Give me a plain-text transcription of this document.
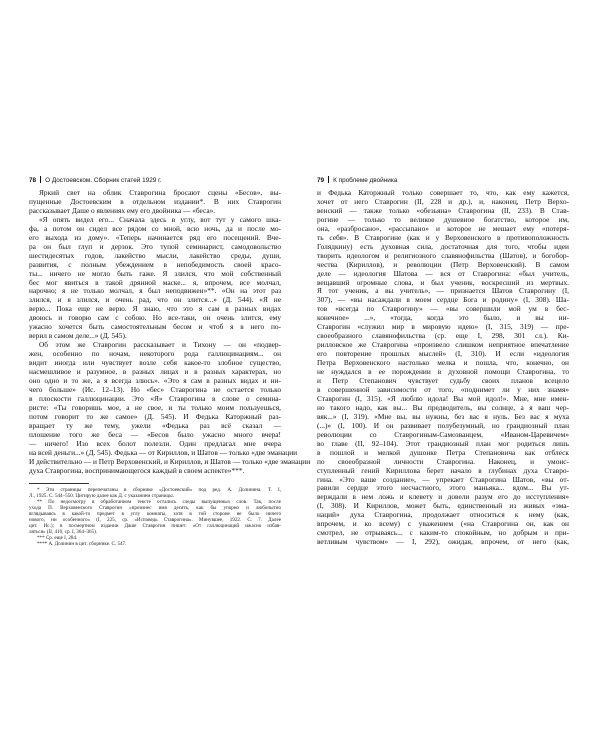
78 О Достоевском. Сборник статей 1929 г.
Яркий свет на облик Ставрогина бросают сцены «Бесов», вы-
пущенные Достоевским в отдельном издании*. В них Ставрогин
рассказывает Даше о явлениях ему его двойника — «беса».
«Я опять видел его... Сначала здесь в углу, вот тут у самого шка-
фа, а потом он сидел все рядом со мной, всю ночь, да и после мо-
его выхода из дому». «Теперь начинается ряд его посещений. Вче-
ра он был глуп и дерзок. Это тупой семинарист, самодовольство
шестидесятых годов, лакейство мысли, лакейство среды, души,
развития, с полным убеждением в непобедимость своей красо-
ты... ничего не могло быть гаже. Я злился, что мой собственный
бес мог явиться в такой дрянной маске... я, впрочем, все молчал,
нарочно; я не только молчал, я был неподвижен»**. «Он на этот раз
злился, и я злился, и очень рад, что он злится...» (Д. 544). «Я не
верю... Пока еще не верю. Я знаю, что это я сам в разных видах
двоюсь и говорю сам с собою. Но все-таки, он очень злится, ему
ужасно хочется быть самостоятельным бесом и чтоб я в него по-
верил в самом деле...» (Д. 545).
Об этом же Ставрогин рассказывает и Тихону — он «подвер-
жен, особенно по ночам, некоторого рода галлюцинациям... он
видит иногда или чувствует возле себя какое-то злобное существо,
насмешливое и разумное, в разных лицах и в разных характерах, но
оно одно и то же, а я всегда злюсь». «Это я сам в разных видах и ни-
чего больше» (Ис. 12–13). Но «бес» Ставрогина не остается только
в плоскости галлюцинации. Это «Я» Ставрогина в слове о семина-
ристе: «Ты говоришь мое, а не свое, и ты только моим пользуешься,
потом говорит то же самое» (Д. 545). И Федька Каторжный раз-
вращает ту же тему, ужели «Федька раз всё сказал —
плошение того же беса — «Бесов было ужасно много вчера!
— ничего! Изо всех болот полезли. Один предлагал мне вчера
на всей деньги...» (Д. 545). Федька — от Кириллов, и Шатов — только «две эманации
И действительно — и Петр Верховенский, и Кириллов, и Шатов — только «две эманации
духа Ставрогина, воспринимающегося каждый в своем аспекте»***.
* Эти страницы перепечатаны в сборнике «Достоевский» под ред. А. Долинина. Т. I,
Л., 1925. С. 544–550. Цитирую далее как Д. с указанием страницы.
** По недосмотру в обработанном тексте остались следы выпущенных слов. Так, после
ухода П. Верховенского Ставрогин «произнес имя десять, как бы упорно и любопытно
вглядываясь в какой-то предмет в углу комнаты, хотя в той стороне не было ничего
нового, ни особенного» (I, 225, ср. «Исповедь Ставрогина». Минувшее, 1922. С. 7. Далее
цит. Ис.); в посмертном издании Даше Ставрогин пишет: «От галлюцинаций ижасно избав-
ляться» (II, 410, ср. I, 364–365).
*** Ср. еще I, 284.
**** А. Долинин в цит. сборнике. С. 547.
79 К проблеме двойника
и Федька Каторжный только совершает то, что, как ему кажется,
хочет от него Ставрогин (II, 228 и др.), и, наконец, Петр Верхо-
венский — также только «обезьяна» Ставрогина (II, 233). В Став-
рогине — только то великое душевное богатство, которое им,
она, «разбросано», «рассыпано» и которое не мешает ему «потеря-
ть себя». В Ставрогине (как и у Верховенского в противоположность
Голядкину) есть духовная сила, достаточная для того, чтобы идеи
творить идеологом и религиозного славянофильства (Шатов), и богобор-
чества (Кириллов), и революции (Петр Верховенский). В самом
деле — идеология Шатова — вся от Ставрогина: «был учитель,
вещавший огромные слова, и был ученик, воскресший из мертвых.
Я тот ученик, а вы учитель», — признается Шатов Ставрогину (I,
307), — «вы насаждали в моем сердце Бога и родину» (I, 308). Ша-
тов «всегда по Ставрогину» — «вы совершили мой ум в бес-
конечное» ...», «тогда, когда это было, и вы ни-
Ставрогин «служил мир в мировую идею» (I, 315, 319) — пре-
своеобразного славянофильства (ср. еще I, 298, 301 сл.). Ки-
рилловское же Ставрогина «произвело слишком неприятное впечатление
его повторение прошлых мыслей» (I, 310). И если «идеология
Петра Верховенского настолько мелка и пошла, что, конечно, он
не нуждался в ее порождении в духовной помощи Ставрогина, то
и Петр Степанович чувствует судьбу своих планов всецело
в совершенной зависимости от того, «поднимет ли у них знамя»
Ставрогин (I, 315). «Я люблю идола! Вы мой идол!». Мне, мне имен-
но такого надо, как вы... Вы предводитель, вы солнце, а я ваш чер-
вяк...» (I, 319). «Мне вы, вы нужны, без вас я нуль. Без вас я муха
(...)» (I, 100). И он развивает полубезумный, но грандиозный план
революции со Ставрогиным-Самозванцем, «Иваном-Царевичем»
во главе (II, 92–104). Этот грандиозный план мог родиться лишь
в пошлой и мелкой душонке Петра Степановича как отблеск
по своеобразной личности Ставрогина. Наконец, и умоис-
ступленный гений Кириллова берет начало в глубинах духа Ставро-
гина. «Это ваше создание», — упрекает Ставрогина Шатов, «вы от-
равили сердце этого несчастного, этого маньяка... ядом... Вы ут-
верждали в нем ложь и клевету и довели разум его до исступления»
(I, 308). И Кириллов, может быть, единственный из живых «эма-
наций» духа Ставрогина, продолжает относиться к нему (как,
впрочем, и ко всему) с уважением («на Ставрогина он, как он
смотрел, не отрываясь... с каким-то спокойным, но добрым и при-
ветливым чувством» — I, 292), ожидая, впрочем, от него (как,
